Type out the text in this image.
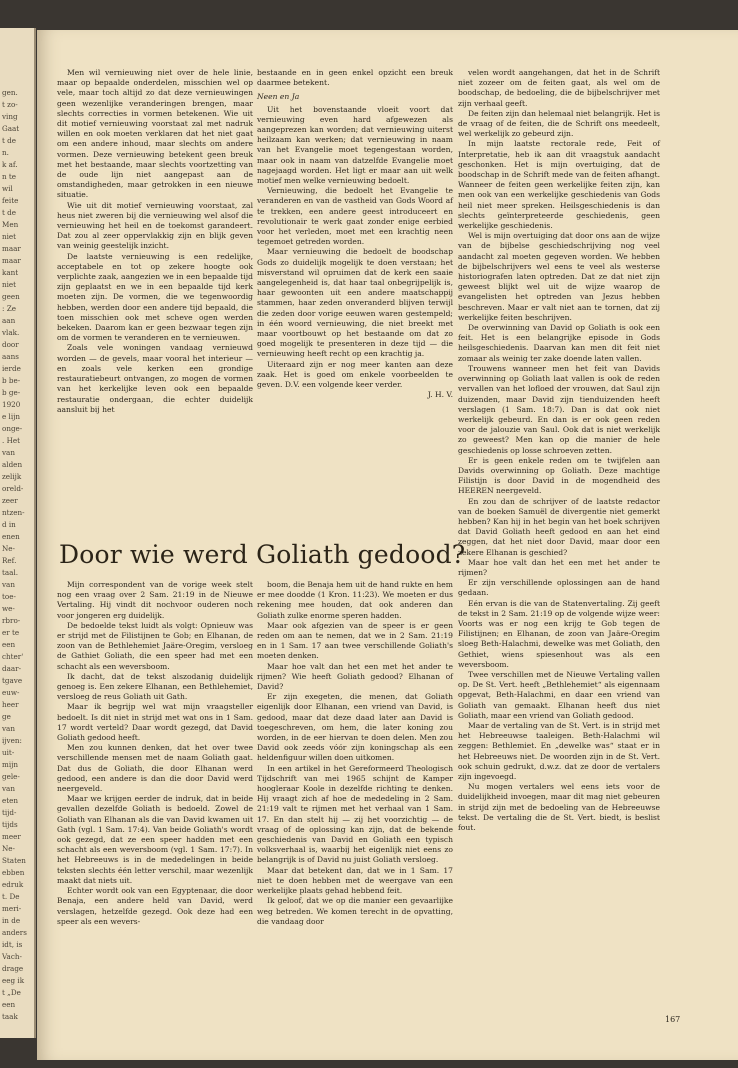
gen.
t zo-
ving
Gaat
t de
n.
k af.
n te
wil
feite
t de
Men
niet
maar
maar
kant
niet
geen
: Ze
aan
vlak.
door
aans
ierde
b be-
b ge-
1920
e lijn
onge-
. Het
van
alden
zelijk
oreld-
zeer
ntzen-
d in
enen
Ne-
Ref.
taal.
van
toe-
we-
rbro-
er te
een
chter'
daar-
tgave
euw-
heer
ge
van
ijven:
uit-
mijn
gele-
van
eten
tijd-
tijds
meer
Ne-
Staten
ebben
edruk
t. De
meri-
in de
anders
idt, is
Vach-
drage
eeg ik
t „De
een
taak

Men wil vernieuwing niet over de hele linie, maar op bepaalde onderdelen, misschien wel op vele, maar toch altijd zo dat deze vernieuwingen geen wezenlijke veranderingen brengen, maar slechts correcties in vormen betekenen. Wie uit dit motief vernieuwing voorstaat zal met nadruk willen en ook moeten verklaren dat het niet gaat om een andere inhoud, maar slechts om andere vormen. Deze vernieuwing betekent geen breuk met het bestaande, maar slechts voortzetting van de oude lijn niet aangepast aan de omstandigheden, maar getrokken in een nieuwe situatie.

Wie uit dit motief vernieuwing voorstaat, zal heus niet zweren bij die vernieuwing wel alsof die vernieuwing het heil en de toekomst garandeert. Dat zou al zeer oppervlakkig zijn en blijk geven van weinig geestelijk inzicht.

De laatste vernieuwing is een redelijke, acceptabele en tot op zekere hoogte ook verplichte zaak, aangezien we in een bepaalde tijd zijn geplaatst en we in een bepaalde tijd kerk moeten zijn. De vormen, die we tegenwoordig hebben, werden door een andere tijd bepaald, die toen misschien ook met scheve ogen werden bekeken. Daarom kan er geen bezwaar tegen zijn om de vormen te veranderen en te vernieuwen.

Zoals vele woningen vandaag vernieuwd worden — de gevels, maar vooral het interieur — en zoals vele kerken een grondige restauratiebeurt ontvangen, zo mogen de vormen van het kerkelijke leven ook een bepaalde restauratie ondergaan, die echter duidelijk aansluit bij het

bestaande en in geen enkel opzicht een breuk daarmee betekent.

Neen en Ja

Uit het bovenstaande vloeit voort dat vernieuwing even hard afgewezen als aangeprezen kan worden; dat vernieuwing uiterst heilzaam kan werken; dat vernieuwing in naam van het Evangelie moet tegengestaan worden, maar ook in naam van datzelfde Evangelie moet nagejaagd worden. Het ligt er maar aan uit welk motief men welke vernieuwing bedoelt.

Vernieuwing, die bedoelt het Evangelie te veranderen en van de vastheid van Gods Woord af te trekken, een andere geest introduceert en revolutionair te werk gaat zonder enige eerbied voor het verleden, moet met een krachtig neen tegemoet getreden worden.

Maar vernieuwing die bedoelt de boodschap Gods zo duidelijk mogelijk te doen verstaan; het misverstand wil opruimen dat de kerk een saaie aangelegenheid is, dat haar taal onbegrijpelijk is, haar gewoonten uit een andere maatschappij stammen, haar zeden onveranderd blijven terwijl die zeden door vorige eeuwen waren gestempeld; in één woord vernieuwing, die niet breekt met maar voortbouwt op het bestaande om dat zo goed mogelijk te presenteren in deze tijd — die vernieuwing heeft recht op een krachtig ja.

Uiteraard zijn er nog meer kanten aan deze zaak. Het is goed om enkele voorbeelden te geven. D.V. een volgende keer verder.

J. H. V.

velen wordt aangehangen, dat het in de Schrift niet zozeer om de feiten gaat, als wel om de boodschap, de bedoeling, die de bijbelschrijver met zijn verhaal geeft.

De feiten zijn dan helemaal niet belangrijk. Het is de vraag of de feiten, die de Schrift ons meedeelt, wel werkelijk zo gebeurd zijn.

In mijn laatste rectorale rede, Feit of Interpretatie, heb ik aan dit vraagstuk aandacht geschonken. Het is mijn overtuiging, dat de boodschap in de Schrift mede van de feiten afhangt. Wanneer de feiten geen werkelijke feiten zijn, kan men ook van een werkelijke geschiedenis van Gods heil niet meer spreken. Heilsgeschiedenis is dan slechts geïnterpreteerde geschiedenis, geen werkelijke geschiedenis.

Wel is mijn overtuiging dat door ons aan de wijze van de bijbelse geschiedschrijving nog veel aandacht zal moeten gegeven worden. We hebben de bijbelschrijvers wel eens te veel als westerse historiografen laten optreden. Dat ze dat niet zijn geweest blijkt wel uit de wijze waarop de evangelisten het optreden van Jezus hebben beschreven. Maar er valt niet aan te tornen, dat zij werkelijke feiten beschrijven.

De overwinning van David op Goliath is ook een feit. Het is een belangrijke episode in Gods heilsgeschiedenis. Daarvan kan men dit feit niet zomaar als weinig ter zake doende laten vallen.

Trouwens wanneer men het feit van Davids overwinning op Goliath laat vallen is ook de reden vervallen van het lofloed der vrouwen, dat Saul zijn duizenden, maar David zijn tienduizenden heeft verslagen (1 Sam. 18:7). Dan is dat ook niet werkelijk gebeurd. En dan is er ook geen reden voor de jalouzie van Saul. Ook dat is niet werkelijk zo geweest? Men kan op die manier de hele geschiedenis op losse schroeven zetten.

Er is geen enkele reden om te twijfelen aan Davids overwinning op Goliath. Deze machtige Filistijn is door David in de mogendheid des HEEREN neergeveld.

En zou dan de schrijver of de laatste redactor van de boeken Samuël de divergentie niet gemerkt hebben? Kan hij in het begin van het boek schrijven dat David Goliath heeft gedood en aan het eind zeggen, dat het niet door David, maar door een zekere Elhanan is geschied?

Maar hoe valt dan het een met het ander te rijmen?

Er zijn verschillende oplossingen aan de hand gedaan.

Eén ervan is die van de Statenvertaling. Zij geeft de tekst in 2 Sam. 21:19 op de volgende wijze weer: Voorts was er nog een krijg te Gob tegen de Filistijnen; en Elhanan, de zoon van Jaäre-Oregim sloeg Beth-Halachmi, dewelke was met Goliath, den Gethiet, wiens spiesenhout was als een weversboom.

Twee verschillen met de Nieuwe Vertaling vallen op. De St. Vert. heeft „Bethlehemiet“ als eigennaam opgevat, Beth-Halachmi, en daar een vriend van Goliath van gemaakt. Elhanan heeft dus niet Goliath, maar een vriend van Goliath gedood.

Maar de vertaling van de St. Vert. is in strijd met het Hebreeuwse taaleigen. Beth-Halachmi wil zeggen: Bethlemiet. En „dewelke was“ staat er in het Hebreeuws niet. De woorden zijn in de St. Vert. ook schuin gedrukt, d.w.z. dat ze door de vertalers zijn ingevoegd.

Nu mogen vertalers wel eens iets voor de duidelijkheid invoegen, maar dit mag niet gebeuren in strijd zijn met de bedoeling van de Hebreeuwse tekst. De vertaling die de St. Vert. biedt, is beslist fout.

Door wie werd Goliath gedood?

Mijn correspondent van de vorige week stelt nog een vraag over 2 Sam. 21:19 in de Nieuwe Vertaling. Hij vindt dit nochvoor ouderen noch voor jongeren erg duidelijk.

De bedoelde tekst luidt als volgt: Opnieuw was er strijd met de Filistijnen te Gob; en Elhanan, de zoon van de Bethlehemiet Jaäre-Oregim, versloeg de Gathiet Goliath, die een speer had met een schacht als een weversboom.

Ik dacht, dat de tekst alszodanig duidelijk genoeg is. Een zekere Elhanan, een Bethlehemiet, versloeg de reus Goliath uit Gath.

Maar ik begrijp wel wat mijn vraagsteller bedoelt. Is dit niet in strijd met wat ons in 1 Sam. 17 wordt verteld? Daar wordt gezegd, dat David Goliath gedood heeft.

Men zou kunnen denken, dat het over twee verschillende mensen met de naam Goliath gaat. Dat dus de Goliath, die door Elhanan werd gedood, een andere is dan die door David werd neergeveld.

Maar we krijgen eerder de indruk, dat in beide gevallen dezelfde Goliath is bedoeld. Zowel de Goliath van Elhanan als die van David kwamen uit Gath (vgl. 1 Sam. 17:4). Van beide Goliath's wordt ook gezegd, dat ze een speer hadden met een schacht als een weversboom (vgl. 1 Sam. 17:7). In het Hebreeuws is in de mededelingen in beide teksten slechts één letter verschil, maar wezenlijk maakt dat niets uit.

Echter wordt ook van een Egyptenaar, die door Benaja, een andere held van David, werd verslagen, hetzelfde gezegd. Ook deze had een speer als een wevers-

boom, die Benaja hem uit de hand rukte en hem er mee doodde (1 Kron. 11:23). We moeten er dus rekening mee houden, dat ook anderen dan Goliath zulke enorme speren hadden.

Maar ook afgezien van de speer is er geen reden om aan te nemen, dat we in 2 Sam. 21:19 en in 1 Sam. 17 aan twee verschillende Goliath's moeten denken.

Maar hoe valt dan het een met het ander te rijmen? Wie heeft Goliath gedood? Elhanan of David?

Er zijn exegeten, die menen, dat Goliath eigenlijk door Elhanan, een vriend van David, is gedood, maar dat deze daad later aan David is toegeschreven, om hem, die later koning zou worden, in de eer hiervan te doen delen. Men zou David ook zeeds vóór zijn koningschap als een heldenfiguur willen doen uitkomen.

In een artikel in het Gereformeerd Theologisch Tijdschrift van mei 1965 schijnt de Kamper hoogleraar Koole in dezelfde richting te denken. Hij vraagt zich af hoe de mededeling in 2 Sam. 21:19 valt te rijmen met het verhaal van 1 Sam. 17. En dan stelt hij — zij het voorzichtig — de vraag of de oplossing kan zijn, dat de bekende geschiedenis van David en Goliath een typisch volksverhaal is, waarbij het eigenlijk niet eens zo belangrijk is of David nu juist Goliath versloeg.

Maar dat betekent dan, dat we in 1 Sam. 17 niet te doen hebben met de weergave van een werkelijke plaats gehad hebbend feit.

Ik geloof, dat we op die manier een gevaarlijke weg betreden. We komen terecht in de opvatting, die vandaag door

167
